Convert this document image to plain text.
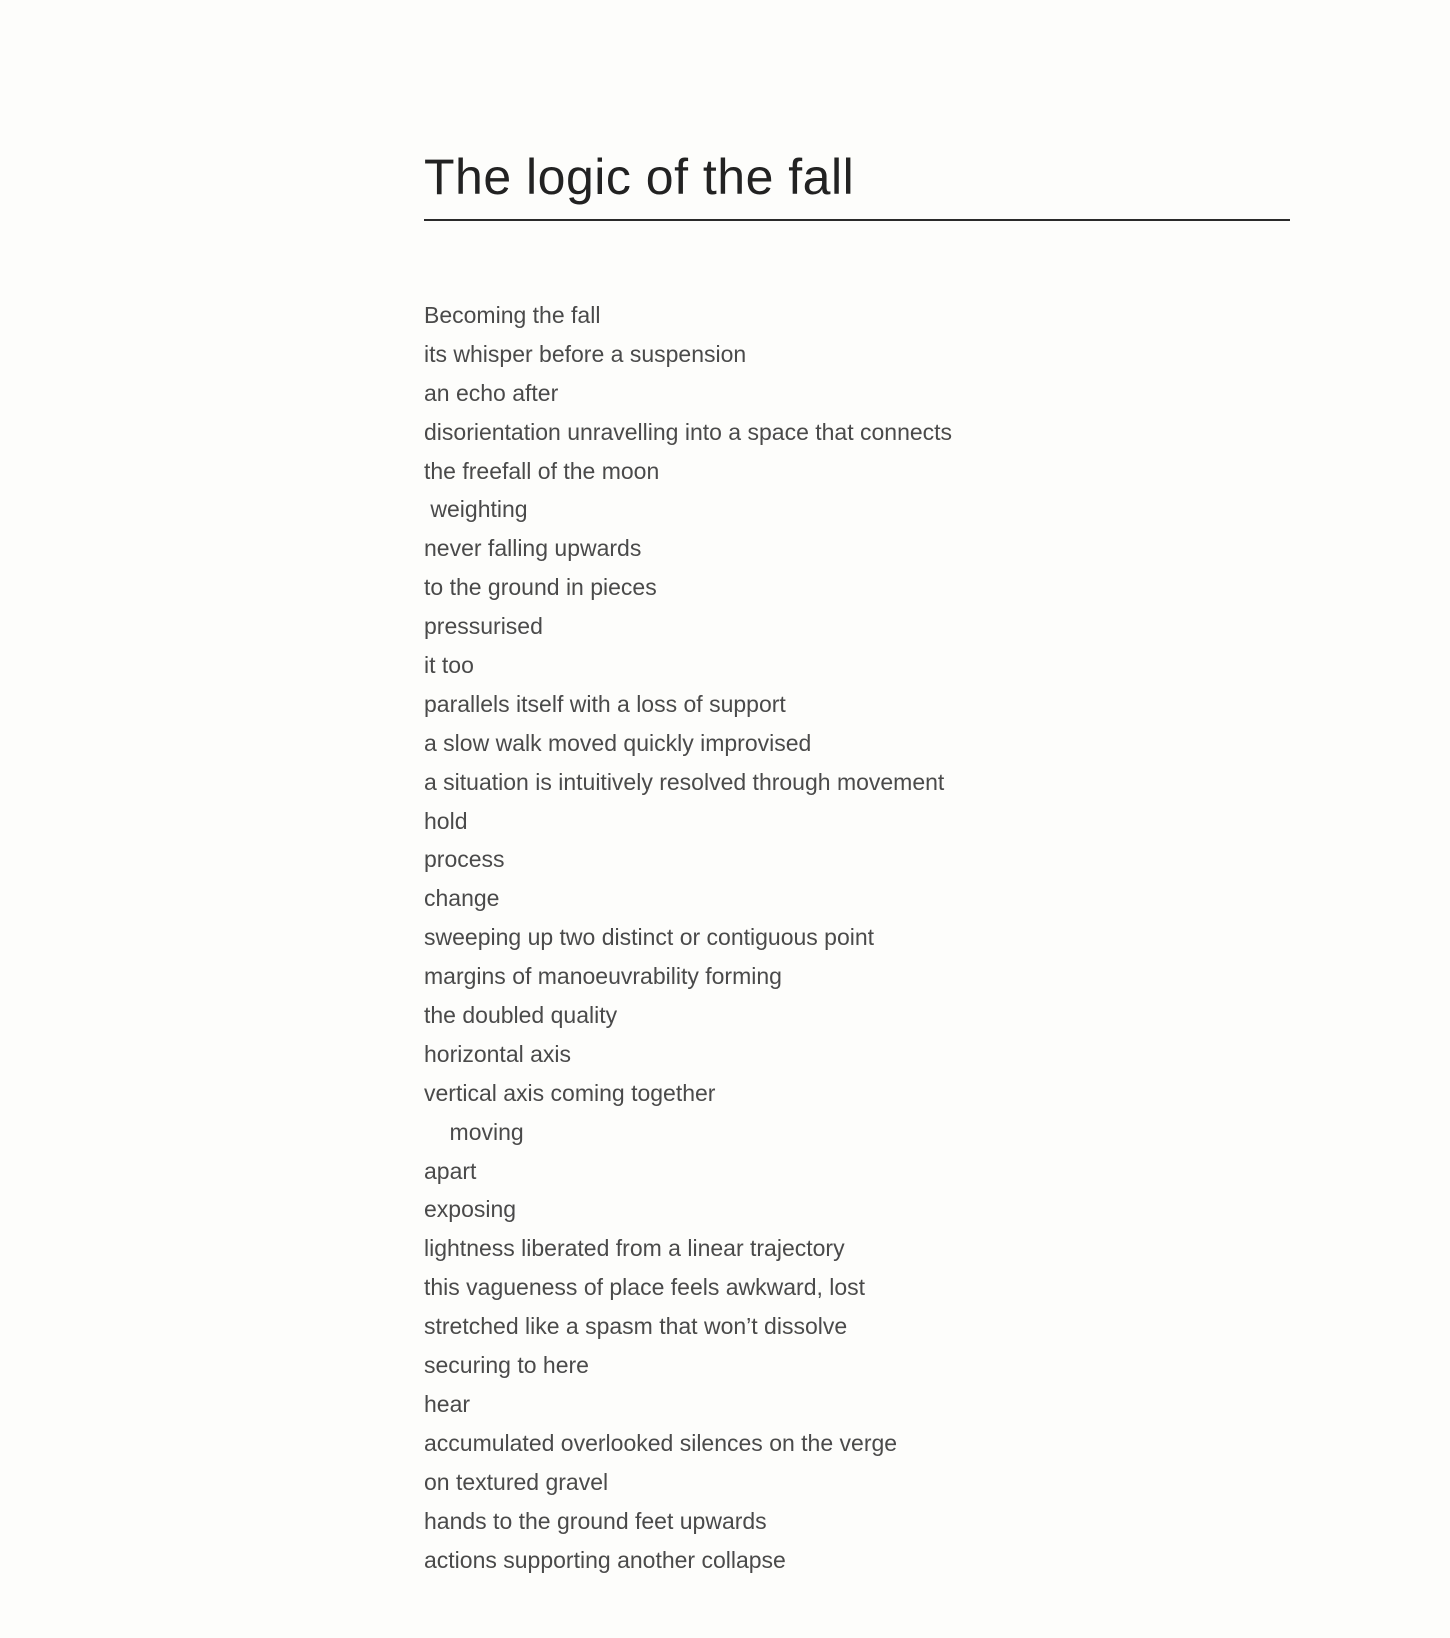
The logic of the fall
Becoming the fall
its whisper before a suspension
an echo after
disorientation unravelling into a space that connects
the freefall of the moon
weighting
never falling upwards
to the ground in pieces
pressurised
it too
parallels itself with a loss of support
a slow walk moved quickly improvised
a situation is intuitively resolved through movement
hold
process
change
sweeping up two distinct or contiguous point
margins of manoeuvrability forming
the doubled quality
horizontal axis
vertical axis coming together
moving
apart
exposing
lightness liberated from a linear trajectory
this vagueness of place feels awkward, lost
stretched like a spasm that won’t dissolve
securing to here
hear
accumulated overlooked silences on the verge
on textured gravel
hands to the ground feet upwards
actions supporting another collapse
